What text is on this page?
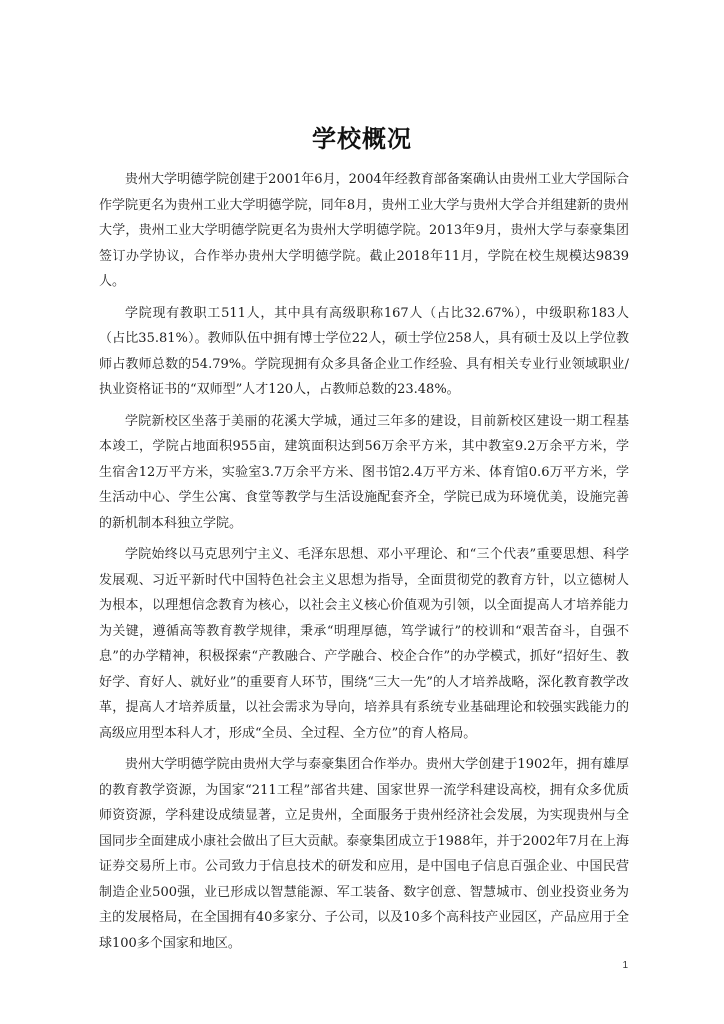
学校概况

贵州大学明德学院创建于2001年6月，2004年经教育部备案确认由贵州工业大学国际合作学院更名为贵州工业大学明德学院，同年8月，贵州工业大学与贵州大学合并组建新的贵州大学，贵州工业大学明德学院更名为贵州大学明德学院。2013年9月，贵州大学与泰豪集团签订办学协议，合作举办贵州大学明德学院。截止2018年11月，学院在校生规模达9839人。

学院现有教职工511人，其中具有高级职称167人（占比32.67%），中级职称183人（占比35.81%）。教师队伍中拥有博士学位22人，硕士学位258人，具有硕士及以上学位教师占教师总数的54.79%。学院现拥有众多具备企业工作经验、具有相关专业行业领域职业/执业资格证书的“双师型”人才120人，占教师总数的23.48%。

学院新校区坐落于美丽的花溪大学城，通过三年多的建设，目前新校区建设一期工程基本竣工，学院占地面积955亩，建筑面积达到56万余平方米，其中教室9.2万余平方米，学生宿舍12万平方米，实验室3.7万余平方米、图书馆2.4万平方米、体育馆0.6万平方米，学生活动中心、学生公寓、食堂等教学与生活设施配套齐全，学院已成为环境优美，设施完善的新机制本科独立学院。

学院始终以马克思列宁主义、毛泽东思想、邓小平理论、和“三个代表”重要思想、科学发展观、习近平新时代中国特色社会主义思想为指导，全面贯彻党的教育方针，以立德树人为根本，以理想信念教育为核心，以社会主义核心价值观为引领，以全面提高人才培养能力为关键，遵循高等教育教学规律，秉承“明理厚德，笃学诚行”的校训和“艰苦奋斗，自强不息”的办学精神，积极探索“产教融合、产学融合、校企合作”的办学模式，抓好“招好生、教好学、育好人、就好业”的重要育人环节，围绕“三大一先”的人才培养战略，深化教育教学改革，提高人才培养质量，以社会需求为导向，培养具有系统专业基础理论和较强实践能力的高级应用型本科人才，形成“全员、全过程、全方位”的育人格局。

贵州大学明德学院由贵州大学与泰豪集团合作举办。贵州大学创建于1902年，拥有雄厚的教育教学资源，为国家“211工程”部省共建、国家世界一流学科建设高校，拥有众多优质师资资源，学科建设成绩显著，立足贵州，全面服务于贵州经济社会发展，为实现贵州与全国同步全面建成小康社会做出了巨大贡献。泰豪集团成立于1988年，并于2002年7月在上海证券交易所上市。公司致力于信息技术的研发和应用，是中国电子信息百强企业、中国民营制造企业500强，业已形成以智慧能源、军工装备、数字创意、智慧城市、创业投资业务为主的发展格局，在全国拥有40多家分、子公司，以及10多个高科技产业园区，产品应用于全球100多个国家和地区。

1
